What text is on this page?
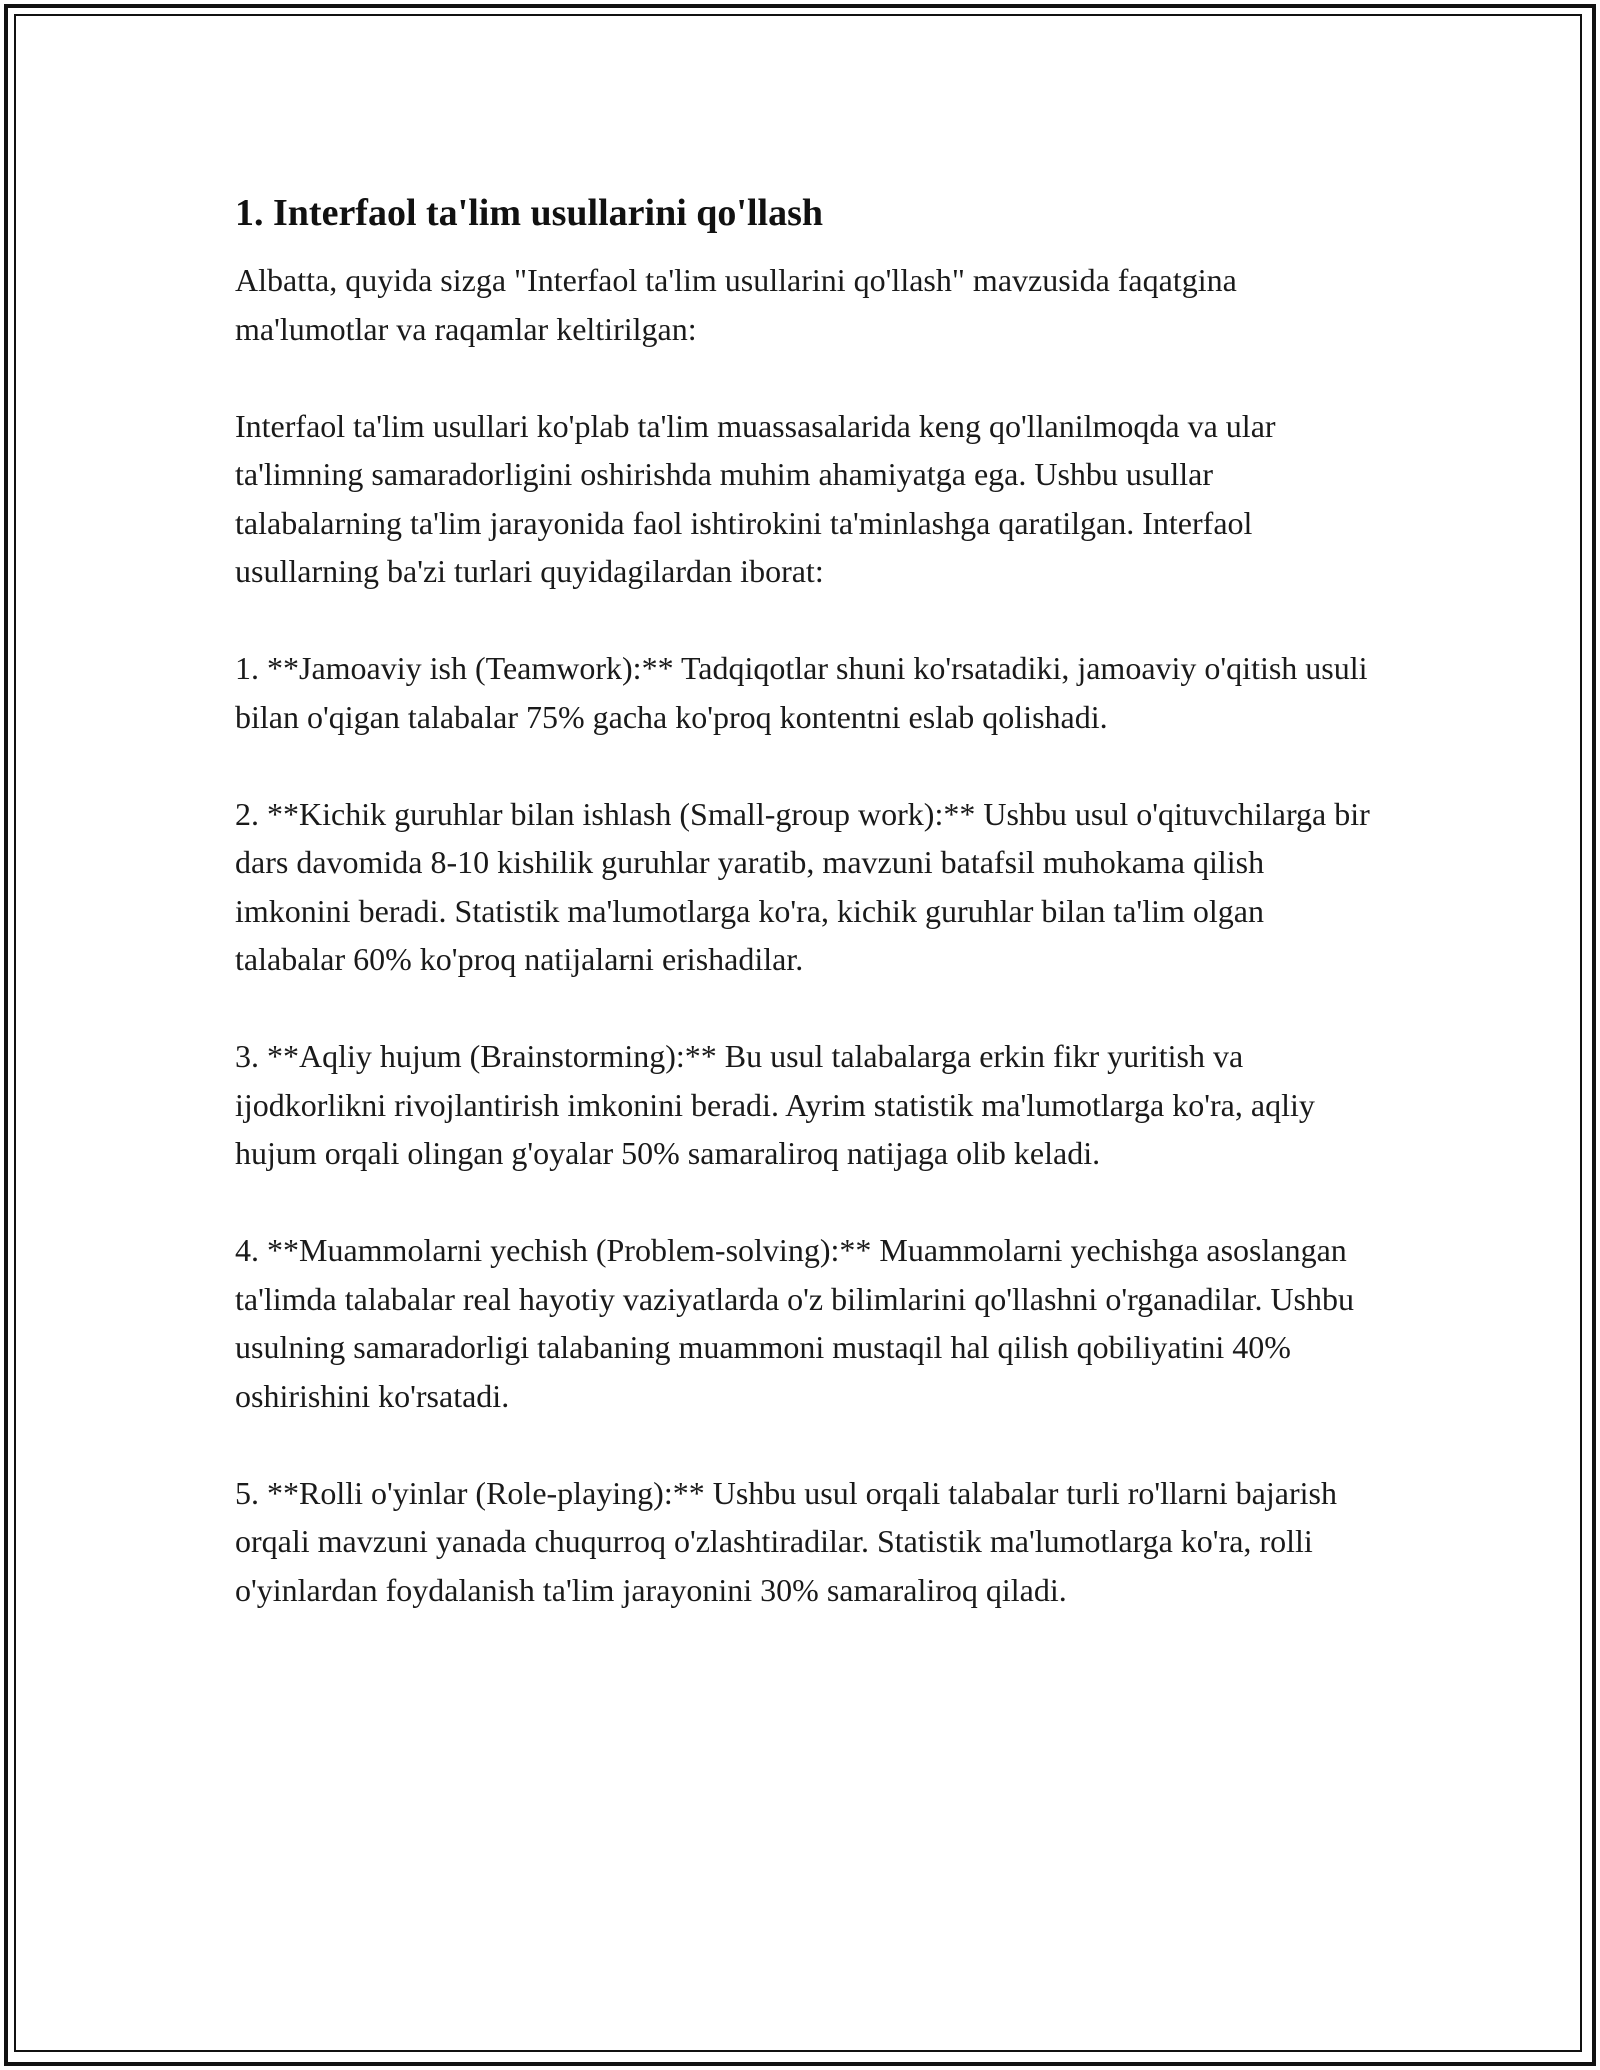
1. Interfaol ta'lim usullarini qo'llash

Albatta, quyida sizga "Interfaol ta'lim usullarini qo'llash" mavzusida faqatgina ma'lumotlar va raqamlar keltirilgan:

Interfaol ta'lim usullari ko'plab ta'lim muassasalarida keng qo'llanilmoqda va ular ta'limning samaradorligini oshirishda muhim ahamiyatga ega. Ushbu usullar talabalarning ta'lim jarayonida faol ishtirokini ta'minlashga qaratilgan. Interfaol usullarning ba'zi turlari quyidagilardan iborat:

1. **Jamoaviy ish (Teamwork):** Tadqiqotlar shuni ko'rsatadiki, jamoaviy o'qitish usuli bilan o'qigan talabalar 75% gacha ko'proq kontentni eslab qolishadi.

2. **Kichik guruhlar bilan ishlash (Small-group work):** Ushbu usul o'qituvchilarga bir dars davomida 8-10 kishilik guruhlar yaratib, mavzuni batafsil muhokama qilish imkonini beradi. Statistik ma'lumotlarga ko'ra, kichik guruhlar bilan ta'lim olgan talabalar 60% ko'proq natijalarni erishadilar.

3. **Aqliy hujum (Brainstorming):** Bu usul talabalarga erkin fikr yuritish va ijodkorlikni rivojlantirish imkonini beradi. Ayrim statistik ma'lumotlarga ko'ra, aqliy hujum orqali olingan g'oyalar 50% samaraliroq natijaga olib keladi.

4. **Muammolarni yechish (Problem-solving):** Muammolarni yechishga asoslangan ta'limda talabalar real hayotiy vaziyatlarda o'z bilimlarini qo'llashni o'rganadilar. Ushbu usulning samaradorligi talabaning muammoni mustaqil hal qilish qobiliyatini 40% oshirishini ko'rsatadi.

5. **Rolli o'yinlar (Role-playing):** Ushbu usul orqali talabalar turli ro'llarni bajarish orqali mavzuni yanada chuqurroq o'zlashtiradilar. Statistik ma'lumotlarga ko'ra, rolli o'yinlardan foydalanish ta'lim jarayonini 30% samaraliroq qiladi.
